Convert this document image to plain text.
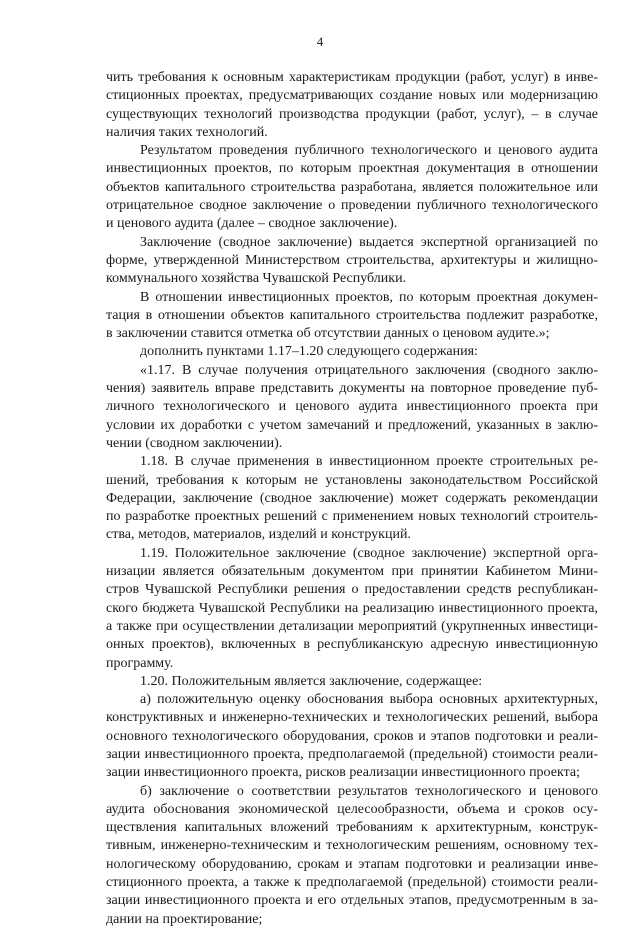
4
чить требования к основным характеристикам продукции (работ, услуг) в инве-
стиционных проектах, предусматривающих создание новых или модернизацию
существующих технологий производства продукции (работ, услуг), – в случае
наличия таких технологий.
Результатом проведения публичного технологического и ценового аудита
инвестиционных проектов, по которым проектная документация в отношении
объектов капитального строительства разработана, является положительное или
отрицательное сводное заключение о проведении публичного технологического
и ценового аудита (далее – сводное заключение).
Заключение (сводное заключение) выдается экспертной организацией по
форме, утвержденной Министерством строительства, архитектуры и жилищно-
коммунального хозяйства Чувашской Республики.
В отношении инвестиционных проектов, по которым проектная докумен-
тация в отношении объектов капитального строительства подлежит разработке,
в заключении ставится отметка об отсутствии данных о ценовом аудите.»;
дополнить пунктами 1.17–1.20 следующего содержания:
«1.17. В случае получения отрицательного заключения (сводного заклю-
чения) заявитель вправе представить документы на повторное проведение пуб-
личного технологического и ценового аудита инвестиционного проекта при
условии их доработки с учетом замечаний и предложений, указанных в заклю-
чении (сводном заключении).
1.18. В случае применения в инвестиционном проекте строительных ре-
шений, требования к которым не установлены законодательством Российской
Федерации, заключение (сводное заключение) может содержать рекомендации
по разработке проектных решений с применением новых технологий строитель-
ства, методов, материалов, изделий и конструкций.
1.19. Положительное заключение (сводное заключение) экспертной орга-
низации является обязательным документом при принятии Кабинетом Мини-
стров Чувашской Республики решения о предоставлении средств республикан-
ского бюджета Чувашской Республики на реализацию инвестиционного проекта,
а также при осуществлении детализации мероприятий (укрупненных инвестици-
онных проектов), включенных в республиканскую адресную инвестиционную
программу.
1.20. Положительным является заключение, содержащее:
а) положительную оценку обоснования выбора основных архитектурных,
конструктивных и инженерно-технических и технологических решений, выбора
основного технологического оборудования, сроков и этапов подготовки и реали-
зации инвестиционного проекта, предполагаемой (предельной) стоимости реали-
зации инвестиционного проекта, рисков реализации инвестиционного проекта;
б) заключение о соответствии результатов технологического и ценового
аудита обоснования экономической целесообразности, объема и сроков осу-
ществления капитальных вложений требованиям к архитектурным, конструк-
тивным, инженерно-техническим и технологическим решениям, основному тех-
нологическому оборудованию, срокам и этапам подготовки и реализации инве-
стиционного проекта, а также к предполагаемой (предельной) стоимости реали-
зации инвестиционного проекта и его отдельных этапов, предусмотренным в за-
дании на проектирование;
